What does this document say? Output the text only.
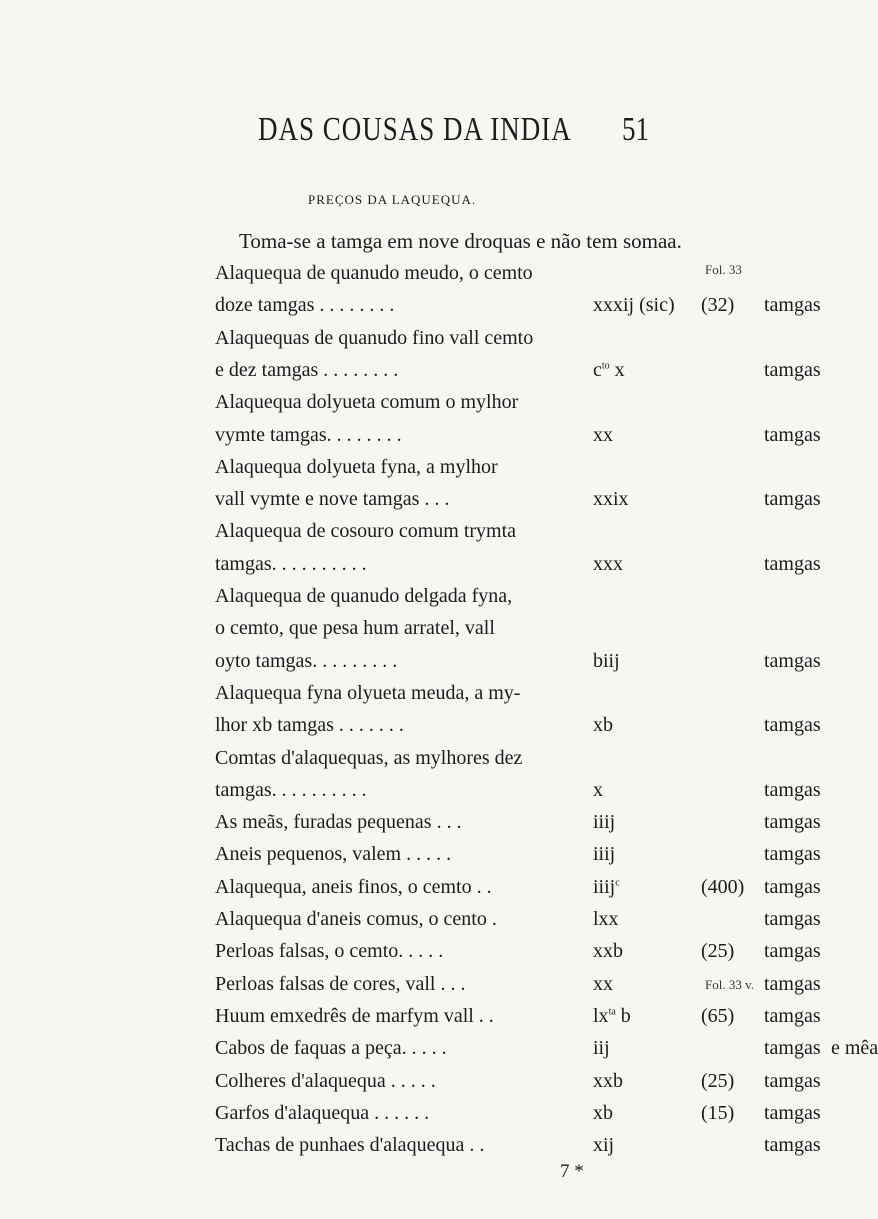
DAS COUSAS DA INDIA 51
PREÇOS DA LAQUEQUA.
Toma-se a tamga em nove droquas e não tem somaa.
Fol. 33
Fol. 33 v.
Alaquequa de quanudo meudo, o cemto
doze tamgas . . . . . . . .	xxxij (sic) (32) tamgas
Alaquequas de quanudo fino vall cemto
e dez tamgas . . . . . . . .	$c^{to}$ x	tamgas
Alaquequa dolyueta comum o mylhor
vymte tamgas. . . . . . . .	xx	tamgas
Alaquequa dolyueta fyna, a mylhor
vall vymte e nove tamgas . . .	xxix	tamgas
Alaquequa de cosouro comum trymta
tamgas. . . . . . . . . .	xxx	tamgas
Alaquequa de quanudo delgada fyna,
o cemto, que pesa hum arratel, vall
oyto tamgas. . . . . . . . .	biij	tamgas
Alaquequa fyna olyueta meuda, a my-
lhor xb tamgas . . . . . . .	xb	tamgas
Comtas d'alaquequas, as mylhores dez
tamgas. . . . . . . . . .	x	tamgas
As meãs, furadas pequenas . . .	iiij	tamgas
Aneis pequenos, valem . . . . .	iiij	tamgas
Alaquequa, aneis finos, o cemto . .	iiij$^c$	(400) tamgas
Alaquequa d'aneis comus, o cento .	lxx	tamgas
Perloas falsas, o cemto. . . . .	xxb	(25) tamgas
Perloas falsas de cores, vall . . .	xx	tamgas
Huum emxedrês de marfym vall . .	$lx^{ta}$ b	(65) tamgas
Cabos de faquas a peça. . . . .	iij	tamgas e mêa
Colheres d'alaquequa . . . . .	xxb	(25) tamgas
Garfos d'alaquequa . . . . . .	xb	(15) tamgas
Tachas de punhaes d'alaquequa . .	xij	tamgas
7 *
